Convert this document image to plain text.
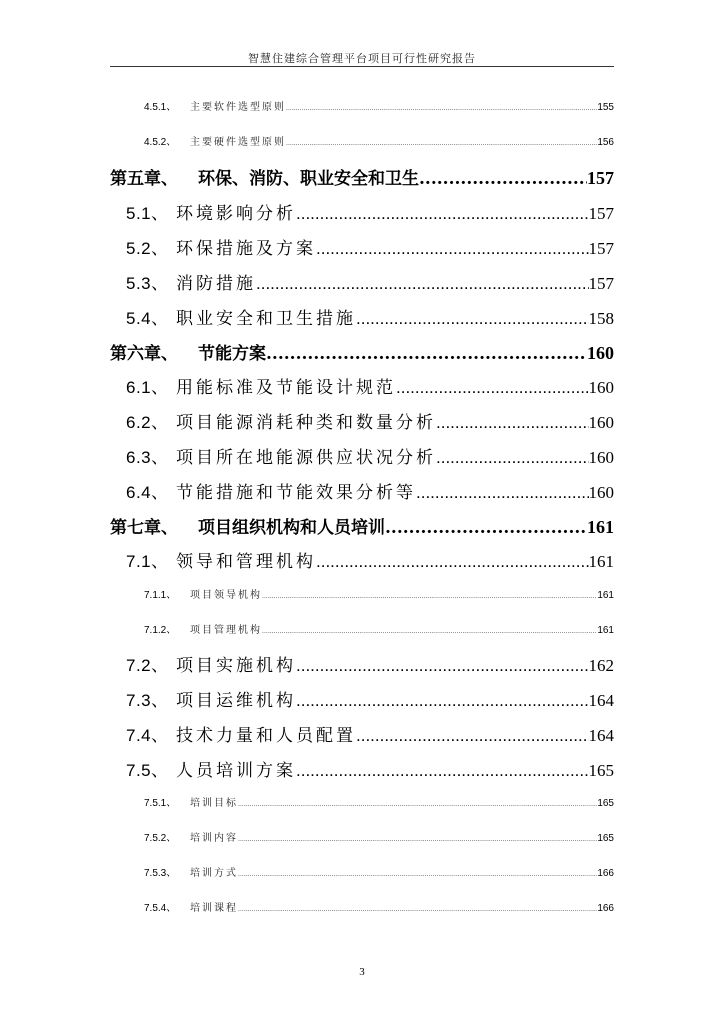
智慧住建综合管理平台项目可行性研究报告
4.5.1、	主要软件选型原则 .....	155
4.5.2、	主要硬件选型原则 .....	156
第五章、	环保、消防、职业安全和卫生 .....	157
5.1、 环境影响分析 .....	157
5.2、 环保措施及方案 .....	157
5.3、 消防措施 .....	157
5.4、 职业安全和卫生措施 .....	158
第六章、	节能方案 .....	160
6.1、 用能标准及节能设计规范 .....	160
6.2、 项目能源消耗种类和数量分析 .....	160
6.3、 项目所在地能源供应状况分析 .....	160
6.4、 节能措施和节能效果分析等 .....	160
第七章、	项目组织机构和人员培训 .....	161
7.1、 领导和管理机构 .....	161
7.1.1、	项目领导机构 .....	161
7.1.2、	项目管理机构 .....	161
7.2、 项目实施机构 .....	162
7.3、 项目运维机构 .....	164
7.4、 技术力量和人员配置 .....	164
7.5、 人员培训方案 .....	165
7.5.1、	培训目标 .....	165
7.5.2、	培训内容 .....	165
7.5.3、	培训方式 .....	166
7.5.4、	培训课程 .....	166
3
